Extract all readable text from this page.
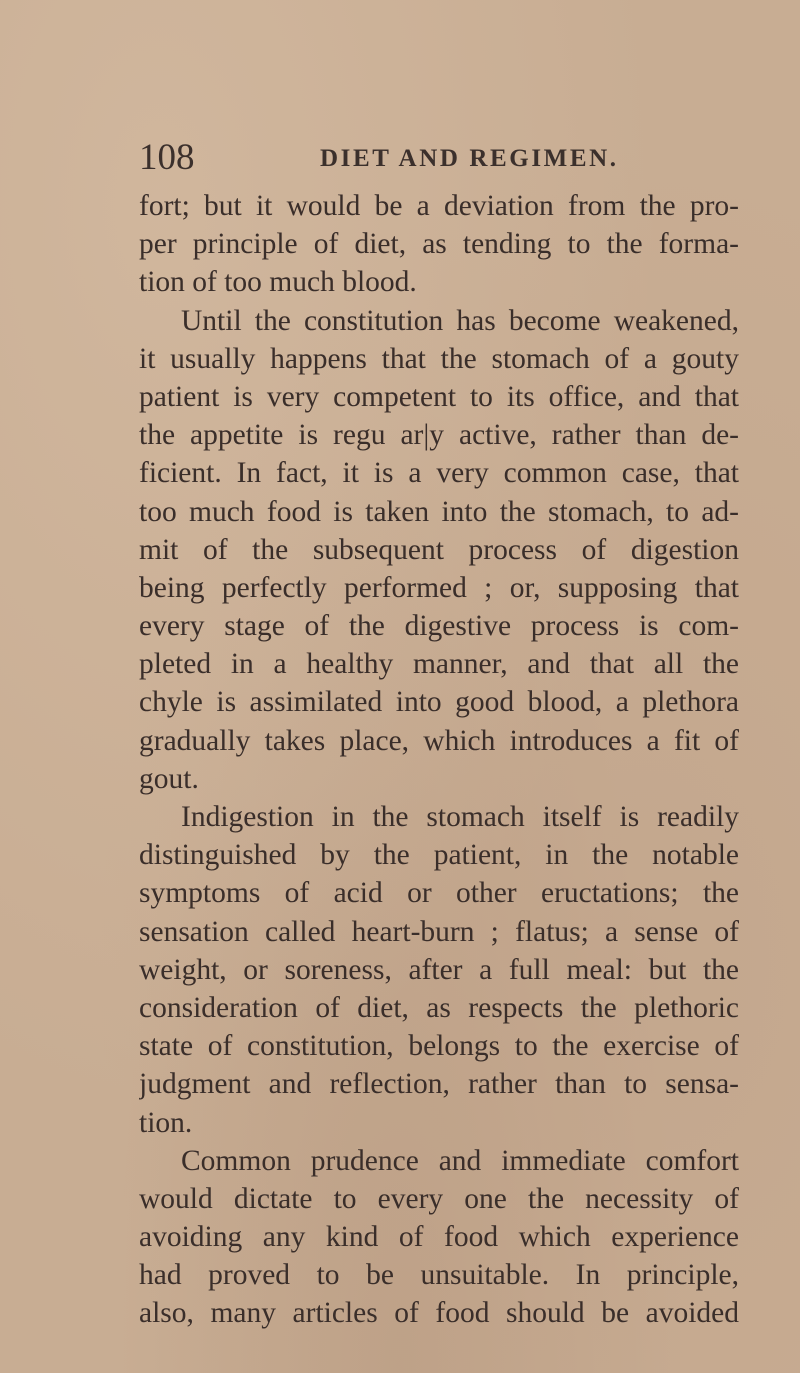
108	DIET AND REGIMEN.
fort; but it would be a deviation from the pro-
per principle of diet, as tending to the forma-
tion of too much blood.
Until the constitution has become weakened,
it usually happens that the stomach of a gouty
patient is very competent to its office, and that
the appetite is regu ar|y active, rather than de-
ficient. In fact, it is a very common case, that
too much food is taken into the stomach, to ad-
mit of the subsequent process of digestion
being perfectly performed ; or, supposing that
every stage of the digestive process is com-
pleted in a healthy manner, and that all the
chyle is assimilated into good blood, a plethora
gradually takes place, which introduces a fit of
gout.
Indigestion in the stomach itself is readily
distinguished by the patient, in the notable
symptoms of acid or other eructations; the
sensation called heart-burn ; flatus; a sense of
weight, or soreness, after a full meal: but the
consideration of diet, as respects the plethoric
state of constitution, belongs to the exercise of
judgment and reflection, rather than to sensa-
tion.
Common prudence and immediate comfort
would dictate to every one the necessity of
avoiding any kind of food which experience
had proved to be unsuitable. In principle,
also, many articles of food should be avoided
